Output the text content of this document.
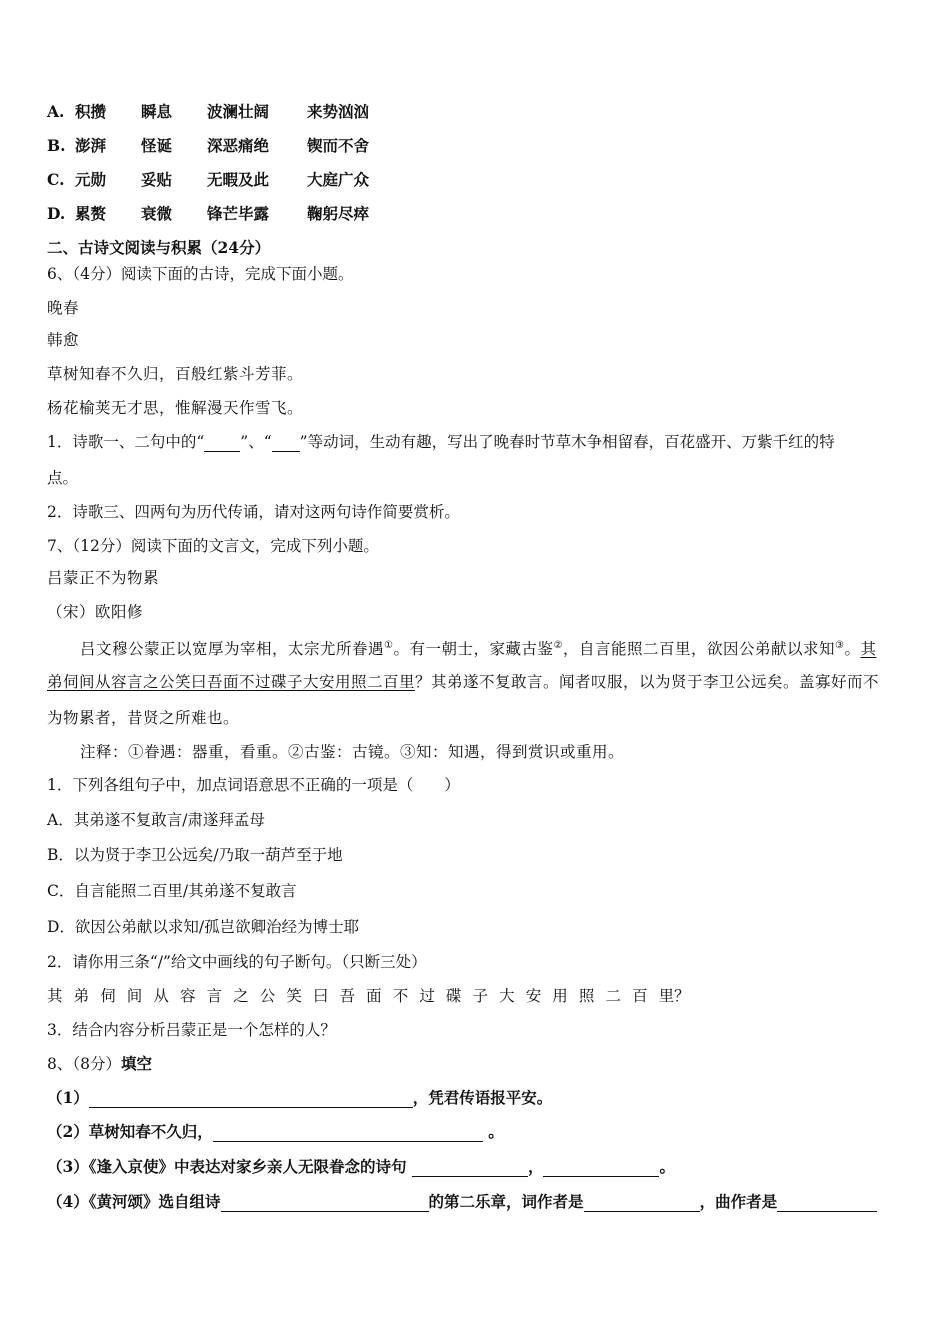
A. 积攒 瞬息 波澜壮阔 来势汹汹
B. 澎湃 怪诞 深恶痛绝 锲而不舍
C. 元勋 妥贴 无暇及此 大庭广众
D. 累赘 衰微 锋芒毕露 鞠躬尽瘁
二、古诗文阅读与积累（24分）
6、（4分）阅读下面的古诗，完成下面小题。
晚春
韩愈
草树知春不久归，百般红紫斗芳菲。
杨花榆荚无才思，惟解漫天作雪飞。
1．诗歌一、二句中的“ ”、“ ”等动词，生动有趣，写出了晚春时节草木争相留春，百花盛开、万紫千红的特
点。
2．诗歌三、四两句为历代传诵，请对这两句诗作简要赏析。
7、（12分）阅读下面的文言文，完成下列小题。
吕蒙正不为物累
（宋）欧阳修
吕文穆公蒙正以宽厚为宰相，太宗尤所眷遇①。有一朝士，家藏古鉴②，自言能照二百里，欲因公弟献以求知③。其
弟伺间从容言之公笑曰吾面不过碟子大安用照二百里？其弟遂不复敢言。闻者叹服，以为贤于李卫公远矣。盖寡好而不
为物累者，昔贤之所难也。
注释：①眷遇：器重，看重。②古鉴：古镜。③知：知遇，得到赏识或重用。
1．下列各组句子中，加点词语意思不正确的一项是（　　）
A．其弟遂不复敢言/肃遂拜孟母
B．以为贤于李卫公远矣/乃取一葫芦至于地
C．自言能照二百里/其弟遂不复敢言
D．欲因公弟献以求知/孤岂欲卿治经为博士耶
2．请你用三条“/”给文中画线的句子断句。（只断三处）
其 弟 伺 间 从 容 言 之 公 笑 曰 吾 面 不 过 碟 子 大 安 用 照 二 百 里？
3．结合内容分析吕蒙正是一个怎样的人？
8、（8分）填空
（1）	，凭君传语报平安。
（2）草树知春不久归，	。
（3）《逢入京使》中表达对家乡亲人无限眷念的诗句	，	。
（4）《黄河颂》选自组诗	的第二乐章，词作者是	，曲作者是
